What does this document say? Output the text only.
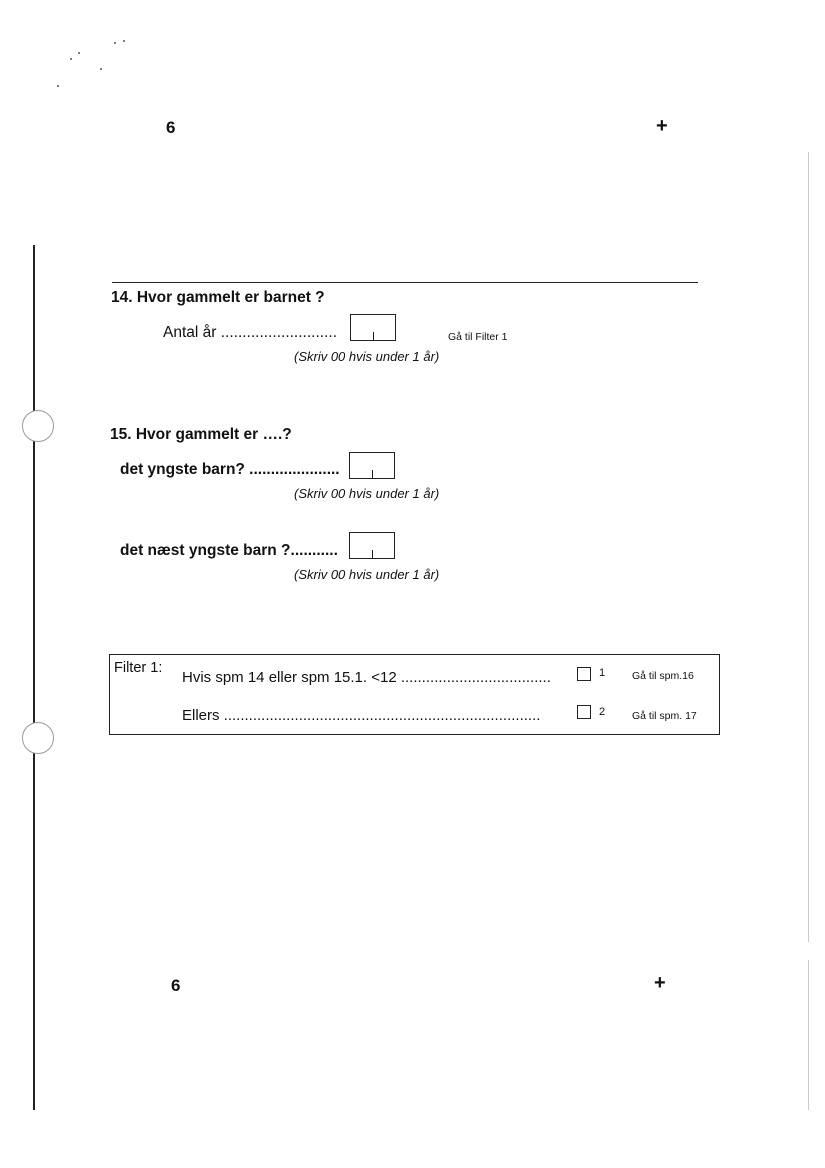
6	+
14. Hvor gammelt er barnet ?
Antal år ...........................	Gå til Filter 1
(Skriv 00 hvis under 1 år)
15. Hvor gammelt er ….?
det yngste barn? .....................
(Skriv 00 hvis under 1 år)
det næst yngste barn ?...........
(Skriv 00 hvis under 1 år)
Filter 1:
Hvis spm 14 eller spm 15.1. <12 ....................................	1	Gå til spm.16
Ellers ............................................................................	2	Gå til spm. 17
6	+
